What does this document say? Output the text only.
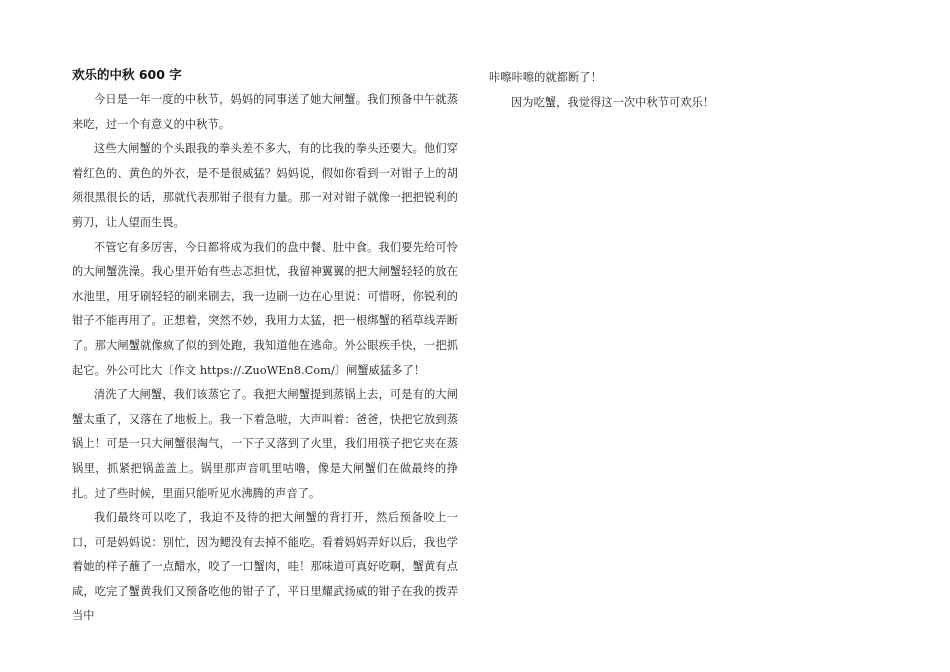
欢乐的中秋 600 字

今日是一年一度的中秋节，妈妈的同事送了她大闸蟹。我们预备中午就蒸来吃，过一个有意义的中秋节。

这些大闸蟹的个头跟我的拳头差不多大，有的比我的拳头还要大。他们穿着红色的、黄色的外衣，是不是很威猛？妈妈说，假如你看到一对钳子上的胡须很黑很长的话，那就代表那钳子很有力量。那一对对钳子就像一把把锐利的剪刀，让人望而生畏。

不管它有多厉害，今日都将成为我们的盘中餐、肚中食。我们要先给可怜的大闸蟹洗澡。我心里开始有些忐忑担忧，我留神翼翼的把大闸蟹轻轻的放在水池里，用牙刷轻轻的刷来刷去，我一边刷一边在心里说：可惜呀，你锐利的钳子不能再用了。正想着，突然不妙，我用力太猛，把一根绑蟹的稻草线弄断了。那大闸蟹就像疯了似的到处跑，我知道他在逃命。外公眼疾手快，一把抓起它。外公可比大〔作文 https://.ZuoWEn8.Com/〕闸蟹威猛多了！

清洗了大闸蟹，我们该蒸它了。我把大闸蟹提到蒸锅上去，可是有的大闸蟹太重了，又落在了地板上。我一下着急啦，大声叫着：爸爸，快把它放到蒸锅上！可是一只大闸蟹很淘气，一下子又落到了火里，我们用筷子把它夹在蒸锅里，抓紧把锅盖盖上。锅里那声音叽里咕噜，像是大闸蟹们在做最终的挣扎。过了些时候，里面只能听见水沸腾的声音了。

我们最终可以吃了，我迫不及待的把大闸蟹的背打开，然后预备咬上一口，可是妈妈说：别忙，因为鳃没有去掉不能吃。看着妈妈弄好以后，我也学着她的样子蘸了一点醋水，咬了一口蟹肉，哇！那味道可真好吃啊，蟹黄有点咸，吃完了蟹黄我们又预备吃他的钳子了，平日里耀武扬威的钳子在我的拨弄当中

咔嚓咔嚓的就都断了！

因为吃蟹，我觉得这一次中秋节可欢乐！
